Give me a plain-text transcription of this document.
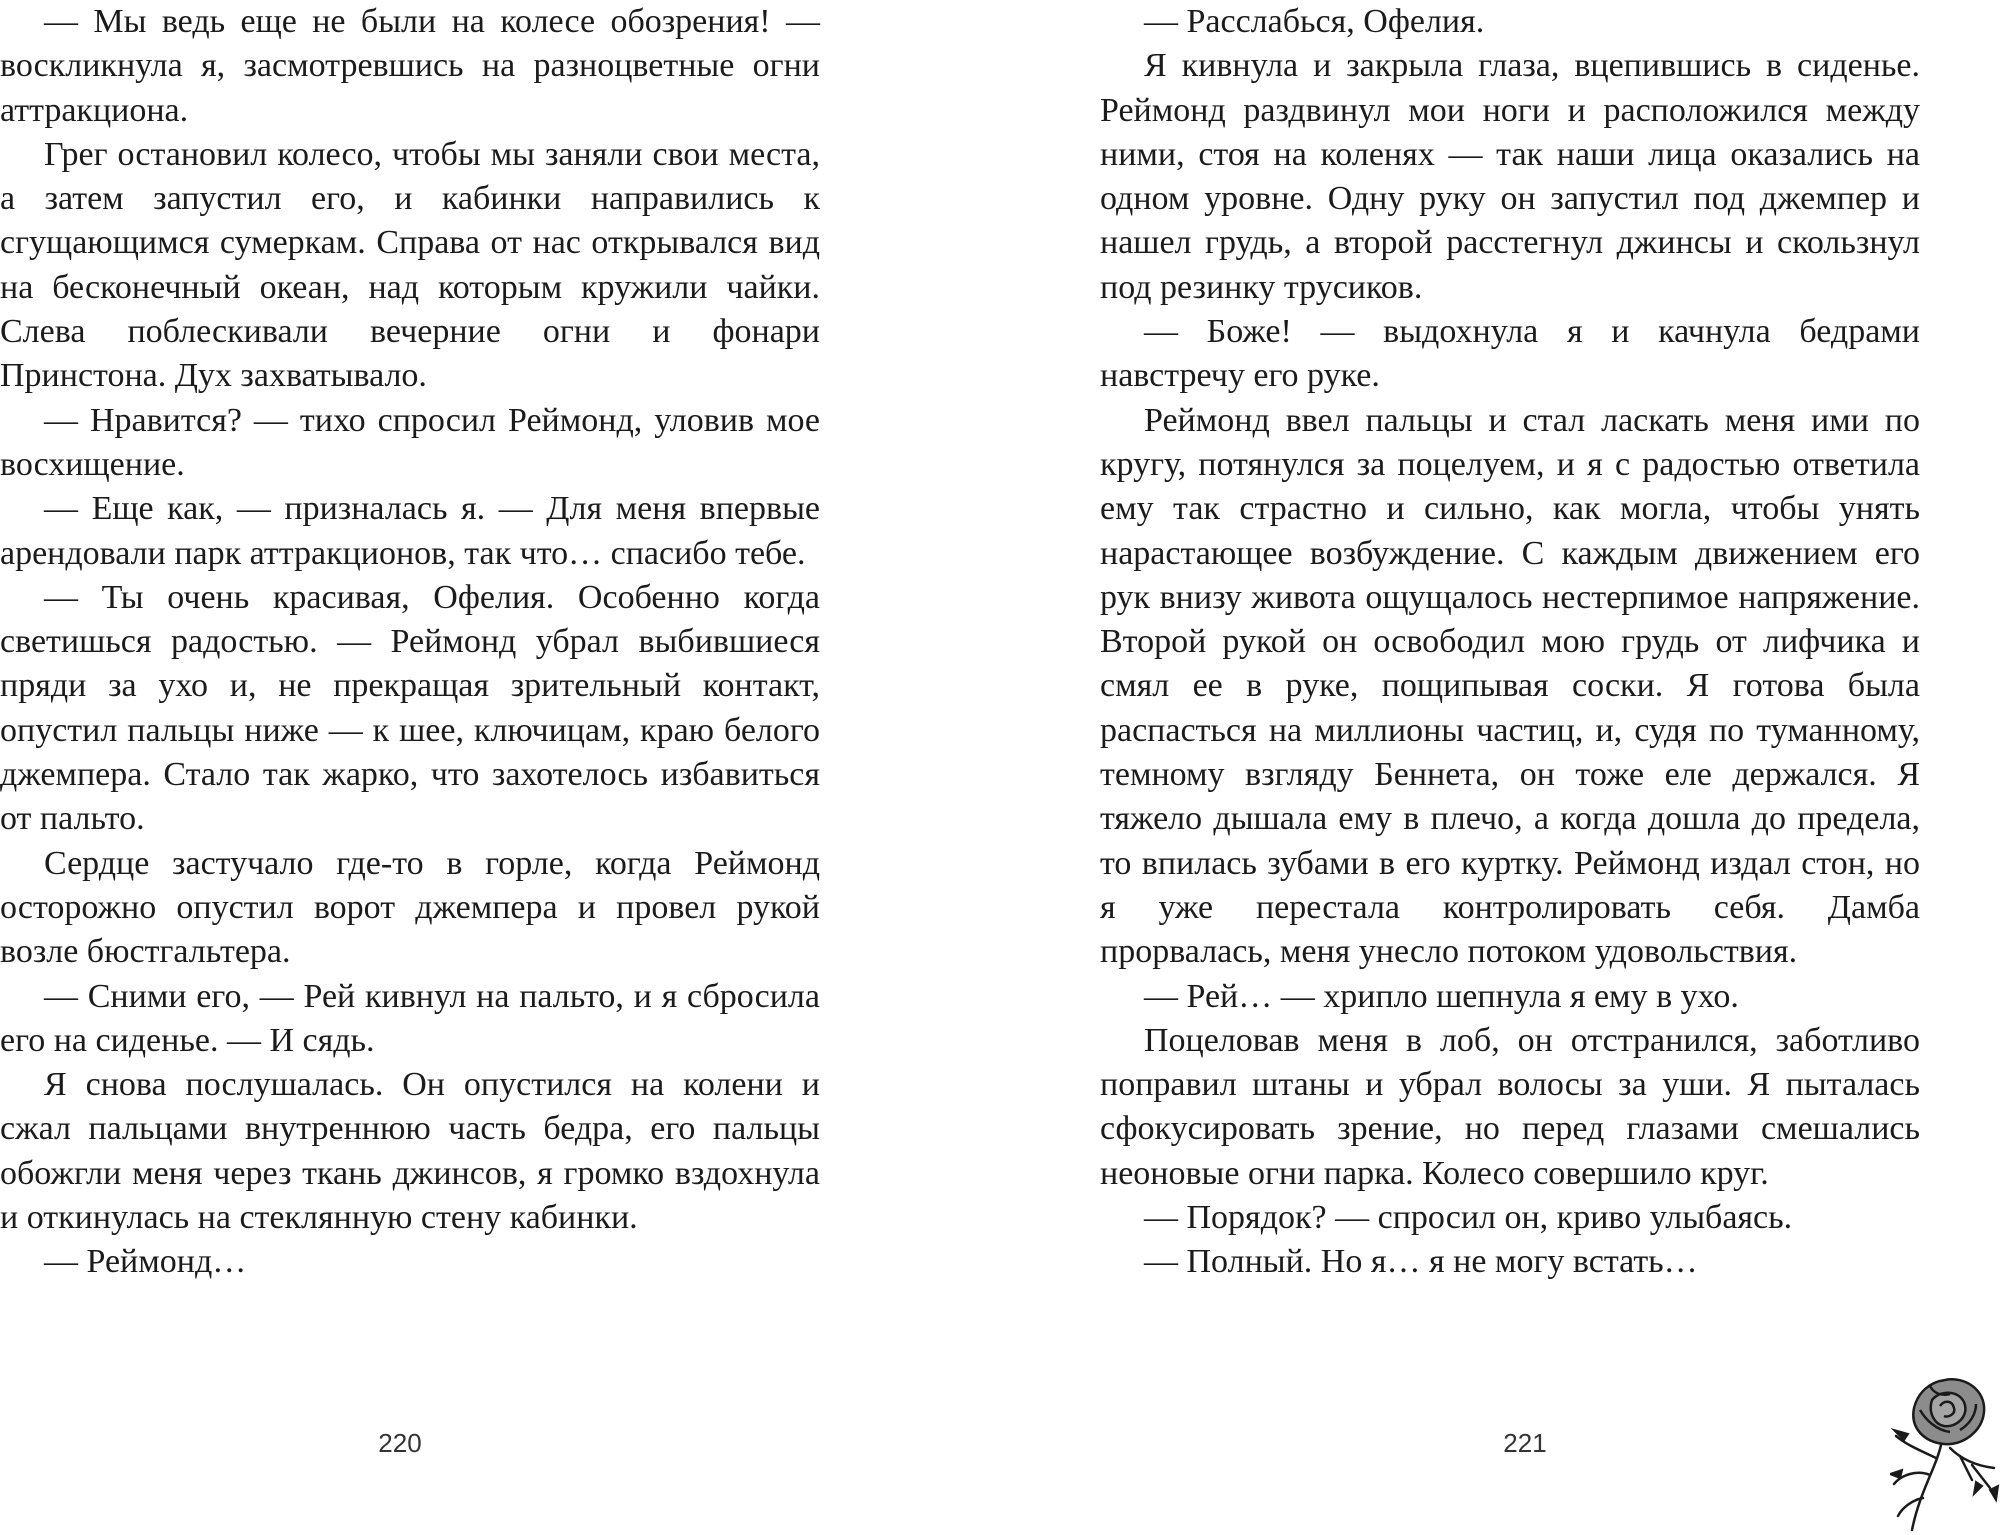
— Мы ведь еще не были на колесе обозрения! — воскликнула я, засмотревшись на разноцветные огни аттракциона.

Грег остановил колесо, чтобы мы заняли свои места, а затем запустил его, и кабинки направились к сгущающимся сумеркам. Справа от нас открывался вид на бесконечный океан, над которым кружили чайки. Слева поблескивали вечерние огни и фонари Принстона. Дух захватывало.

— Нравится? — тихо спросил Реймонд, уловив мое восхищение.

— Еще как, — призналась я. — Для меня впервые арендовали парк аттракционов, так что… спасибо тебе.

— Ты очень красивая, Офелия. Особенно когда светишься радостью. — Реймонд убрал выбившиеся пряди за ухо и, не прекращая зрительный контакт, опустил пальцы ниже — к шее, ключицам, краю белого джемпера. Стало так жарко, что захотелось избавиться от пальто.

Сердце застучало где-то в горле, когда Реймонд осторожно опустил ворот джемпера и провел рукой возле бюстгальтера.

— Сними его, — Рей кивнул на пальто, и я сбросила его на сиденье. — И сядь.

Я снова послушалась. Он опустился на колени и сжал пальцами внутреннюю часть бедра, его пальцы обожгли меня через ткань джинсов, я громко вздохнула и откинулась на стеклянную стену кабинки.

— Реймонд…

220

— Расслабься, Офелия.

Я кивнула и закрыла глаза, вцепившись в сиденье. Реймонд раздвинул мои ноги и расположился между ними, стоя на коленях — так наши лица оказались на одном уровне. Одну руку он запустил под джемпер и нашел грудь, а второй расстегнул джинсы и скользнул под резинку трусиков.

— Боже! — выдохнула я и качнула бедрами навстречу его руке.

Реймонд ввел пальцы и стал ласкать меня ими по кругу, потянулся за поцелуем, и я с радостью ответила ему так страстно и сильно, как могла, чтобы унять нарастающее возбуждение. С каждым движением его рук внизу живота ощущалось нестерпимое напряжение. Второй рукой он освободил мою грудь от лифчика и смял ее в руке, пощипывая соски. Я готова была распасться на миллионы частиц, и, судя по туманному, темному взгляду Беннета, он тоже еле держался. Я тяжело дышала ему в плечо, а когда дошла до предела, то впилась зубами в его куртку. Реймонд издал стон, но я уже перестала контролировать себя. Дамба прорвалась, меня унесло потоком удовольствия.

— Рей… — хрипло шепнула я ему в ухо.

Поцеловав меня в лоб, он отстранился, заботливо поправил штаны и убрал волосы за уши. Я пыталась сфокусировать зрение, но перед глазами смешались неоновые огни парка. Колесо совершило круг.

— Порядок? — спросил он, криво улыбаясь.

— Полный. Но я… я не могу встать…

221
